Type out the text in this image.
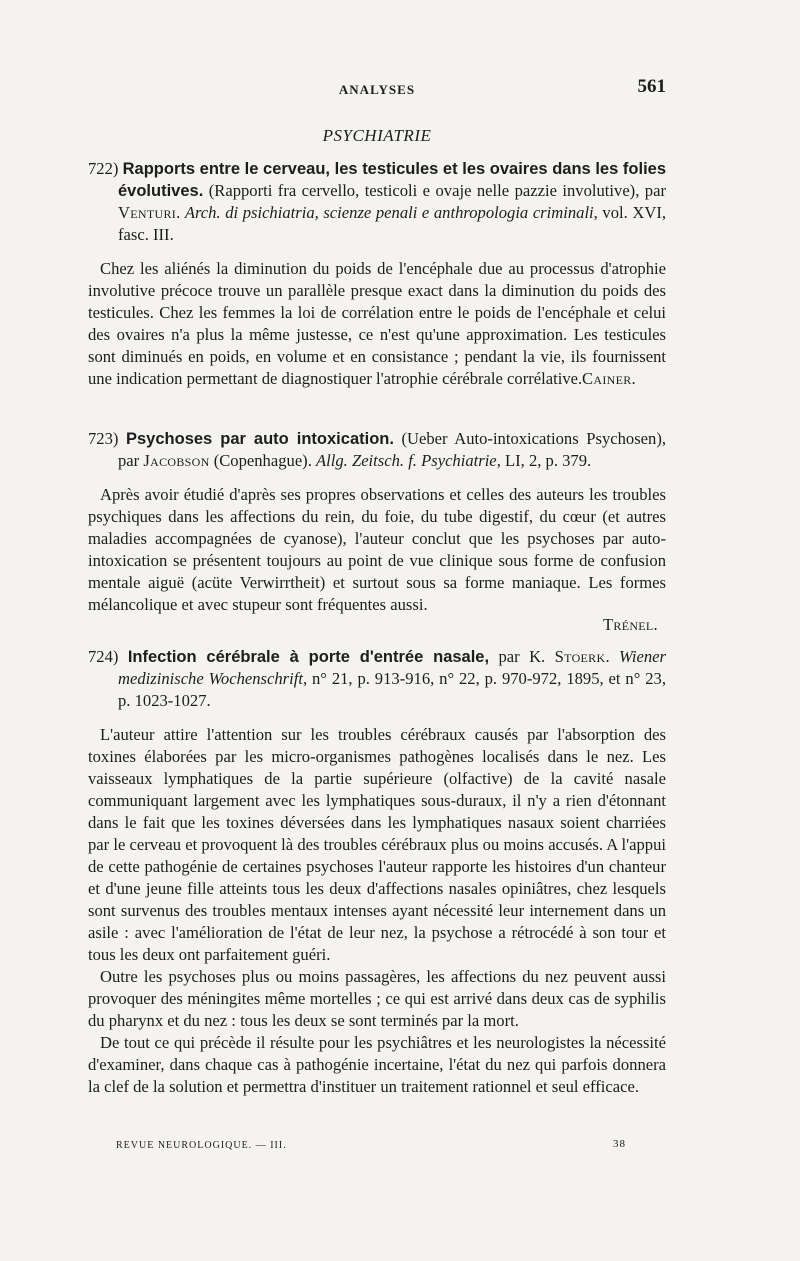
ANALYSES	561
PSYCHIATRIE
722) Rapports entre le cerveau, les testicules et les ovaires dans les folies évolutives. (Rapporti fra cervello, testicoli e ovaje nelle pazzie involutive), par Venturi. Arch. di psichiatria, scienze penali e anthropologia criminali, vol. XVI, fasc. III.
Chez les aliénés la diminution du poids de l'encéphale due au processus d'atrophie involutive précoce trouve un parallèle presque exact dans la diminution du poids des testicules. Chez les femmes la loi de corrélation entre le poids de l'encéphale et celui des ovaires n'a plus la même justesse, ce n'est qu'une approximation. Les testicules sont diminués en poids, en volume et en consistance ; pendant la vie, ils fournissent une indication permettant de diagnostiquer l'atrophie cérébrale corrélative. Cainer.
723) Psychoses par auto intoxication. (Ueber Auto-intoxications Psychosen), par Jacobson (Copenhague). Allg. Zeitsch. f. Psychiatrie, LI, 2, p. 379.
Après avoir étudié d'après ses propres observations et celles des auteurs les troubles psychiques dans les affections du rein, du foie, du tube digestif, du cœur (et autres maladies accompagnées de cyanose), l'auteur conclut que les psychoses par auto-intoxication se présentent toujours au point de vue clinique sous forme de confusion mentale aiguë (acüte Verwirrtheit) et surtout sous sa forme maniaque. Les formes mélancolique et avec stupeur sont fréquentes aussi.
Trénel.
724) Infection cérébrale à porte d'entrée nasale, par K. Stoerk. Wiener medizinische Wochenschrift, n° 21, p. 913-916, n° 22, p. 970-972, 1895, et n° 23, p. 1023-1027.
L'auteur attire l'attention sur les troubles cérébraux causés par l'absorption des toxines élaborées par les micro-organismes pathogènes localisés dans le nez. Les vaisseaux lymphatiques de la partie supérieure (olfactive) de la cavité nasale communiquant largement avec les lymphatiques sous-duraux, il n'y a rien d'étonnant dans le fait que les toxines déversées dans les lymphatiques nasaux soient charriées par le cerveau et provoquent là des troubles cérébraux plus ou moins accusés. A l'appui de cette pathogénie de certaines psychoses l'auteur rapporte les histoires d'un chanteur et d'une jeune fille atteints tous les deux d'affections nasales opiniâtres, chez lesquels sont survenus des troubles mentaux intenses ayant nécessité leur internement dans un asile : avec l'amélioration de l'état de leur nez, la psychose a rétrocédé à son tour et tous les deux ont parfaitement guéri.
Outre les psychoses plus ou moins passagères, les affections du nez peuvent aussi provoquer des méningites même mortelles ; ce qui est arrivé dans deux cas de syphilis du pharynx et du nez : tous les deux se sont terminés par la mort.
De tout ce qui précède il résulte pour les psychiâtres et les neurologistes la nécessité d'examiner, dans chaque cas à pathogénie incertaine, l'état du nez qui parfois donnera la clef de la solution et permettra d'instituer un traitement rationnel et seul efficace.
REVUE NEUROLOGIQUE. — III.	38
